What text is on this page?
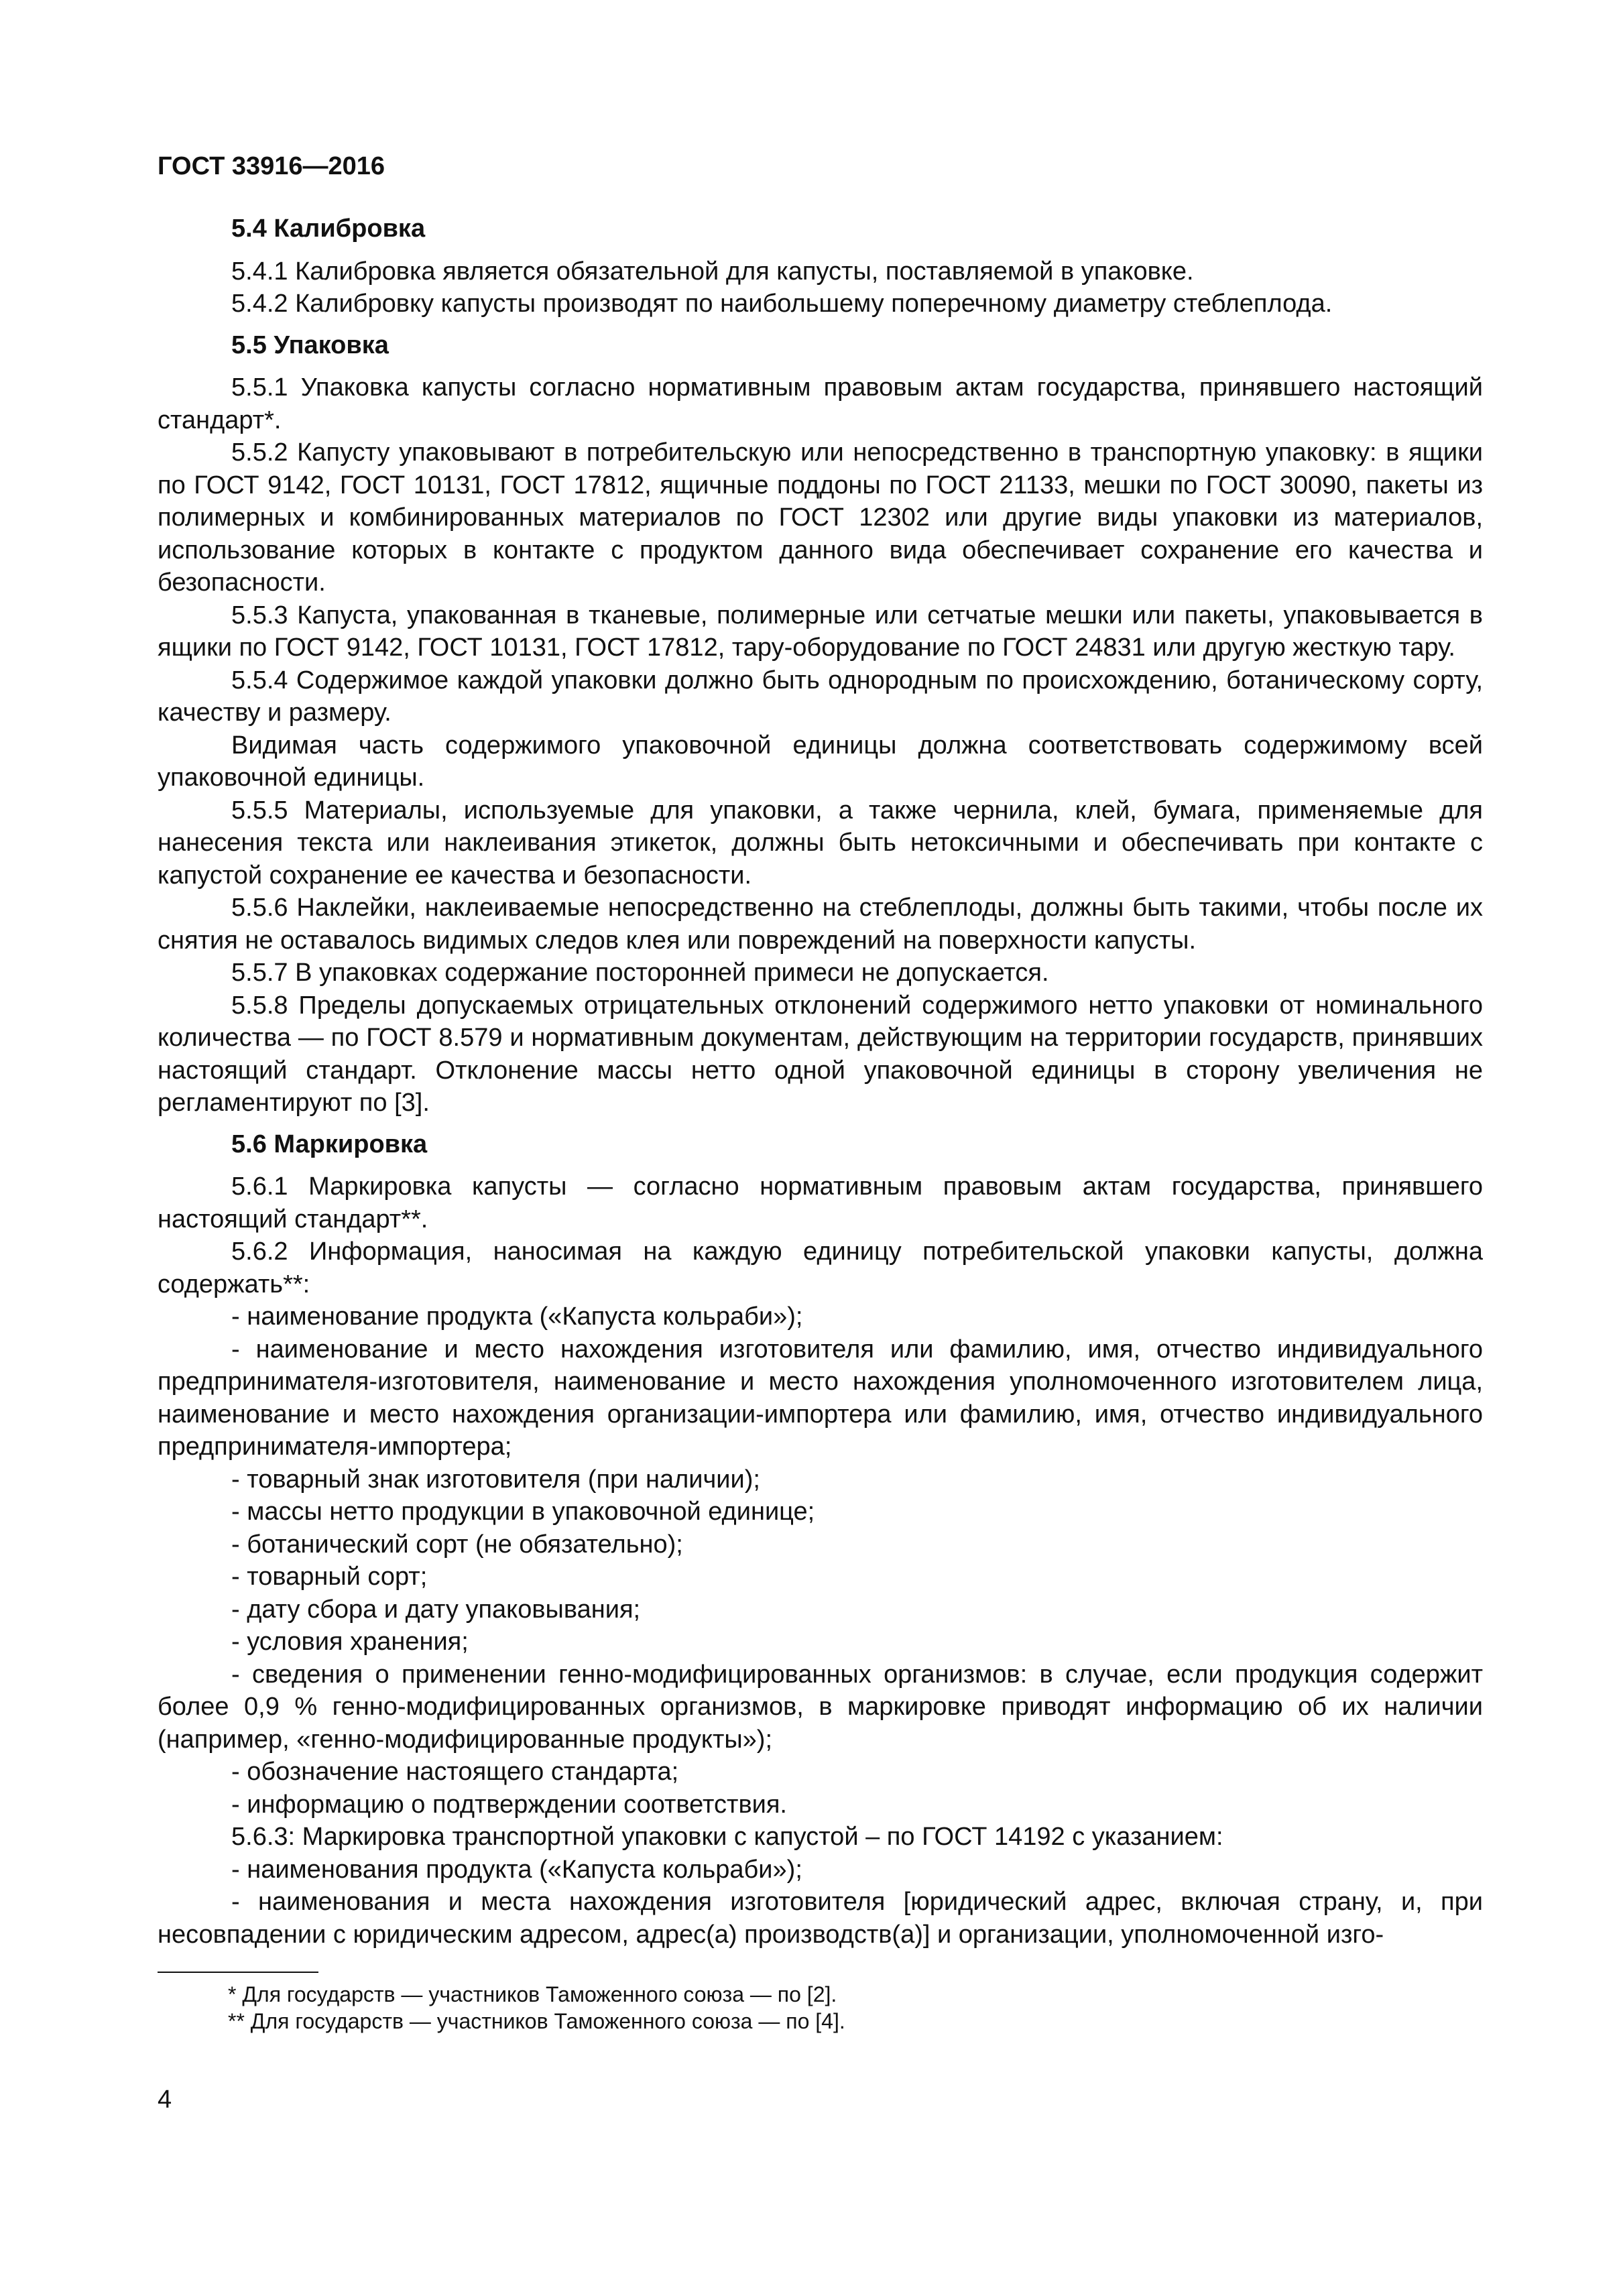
ГОСТ 33916—2016
5.4 Калибровка

5.4.1 Калибровка является обязательной для капусты, поставляемой в упаковке.

5.4.2 Калибровку капусты производят по наибольшему поперечному диаметру стеблеплода.

5.5 Упаковка

5.5.1 Упаковка капусты согласно нормативным правовым актам государства, принявшего настоящий стандарт*.

5.5.2 Капусту упаковывают в потребительскую или непосредственно в транспортную упаковку: в ящики по ГОСТ 9142, ГОСТ 10131, ГОСТ 17812, ящичные поддоны по ГОСТ 21133, мешки по ГОСТ 30090, пакеты из полимерных и комбинированных материалов по ГОСТ 12302 или другие виды упаковки из материалов, использование которых в контакте с продуктом данного вида обеспечивает сохранение его качества и безопасности.

5.5.3 Капуста, упакованная в тканевые, полимерные или сетчатые мешки или пакеты, упаковывается в ящики по ГОСТ 9142, ГОСТ 10131, ГОСТ 17812, тару-оборудование по ГОСТ 24831 или другую жесткую тару.

5.5.4 Содержимое каждой упаковки должно быть однородным по происхождению, ботаническому сорту, качеству и размеру.

Видимая часть содержимого упаковочной единицы должна соответствовать содержимому всей упаковочной единицы.

5.5.5 Материалы, используемые для упаковки, а также чернила, клей, бумага, применяемые для нанесения текста или наклеивания этикеток, должны быть нетоксичными и обеспечивать при контакте с капустой сохранение ее качества и безопасности.

5.5.6 Наклейки, наклеиваемые непосредственно на стеблеплоды, должны быть такими, чтобы после их снятия не оставалось видимых следов клея или повреждений на поверхности капусты.

5.5.7 В упаковках содержание посторонней примеси не допускается.

5.5.8 Пределы допускаемых отрицательных отклонений содержимого нетто упаковки от номинального количества — по ГОСТ 8.579 и нормативным документам, действующим на территории государств, принявших настоящий стандарт. Отклонение массы нетто одной упаковочной единицы в сторону увеличения не регламентируют по [3].

5.6 Маркировка

5.6.1 Маркировка капусты — согласно нормативным правовым актам государства, принявшего настоящий стандарт**.

5.6.2 Информация, наносимая на каждую единицу потребительской упаковки капусты, должна содержать**:

- наименование продукта («Капуста кольраби»);

- наименование и место нахождения изготовителя или фамилию, имя, отчество индивидуального предпринимателя-изготовителя, наименование и место нахождения уполномоченного изготовителем лица, наименование и место нахождения организации-импортера или фамилию, имя, отчество индивидуального предпринимателя-импортера;

- товарный знак изготовителя (при наличии);

- массы нетто продукции в упаковочной единице;

- ботанический сорт (не обязательно);

- товарный сорт;

- дату сбора и дату упаковывания;

- условия хранения;

- сведения о применении генно-модифицированных организмов: в случае, если продукция содержит более 0,9 % генно-модифицированных организмов, в маркировке приводят информацию об их наличии (например, «генно-модифицированные продукты»);

- обозначение настоящего стандарта;

- информацию о подтверждении соответствия.

5.6.3: Маркировка транспортной упаковки с капустой – по ГОСТ 14192 с указанием:

- наименования продукта («Капуста кольраби»);

- наименования и места нахождения изготовителя [юридический адрес, включая страну, и, при несовпадении с юридическим адресом, адрес(а) производств(а)] и организации, уполномоченной изго-

* Для государств — участников Таможенного союза — по [2].
** Для государств — участников Таможенного союза — по [4].
4
